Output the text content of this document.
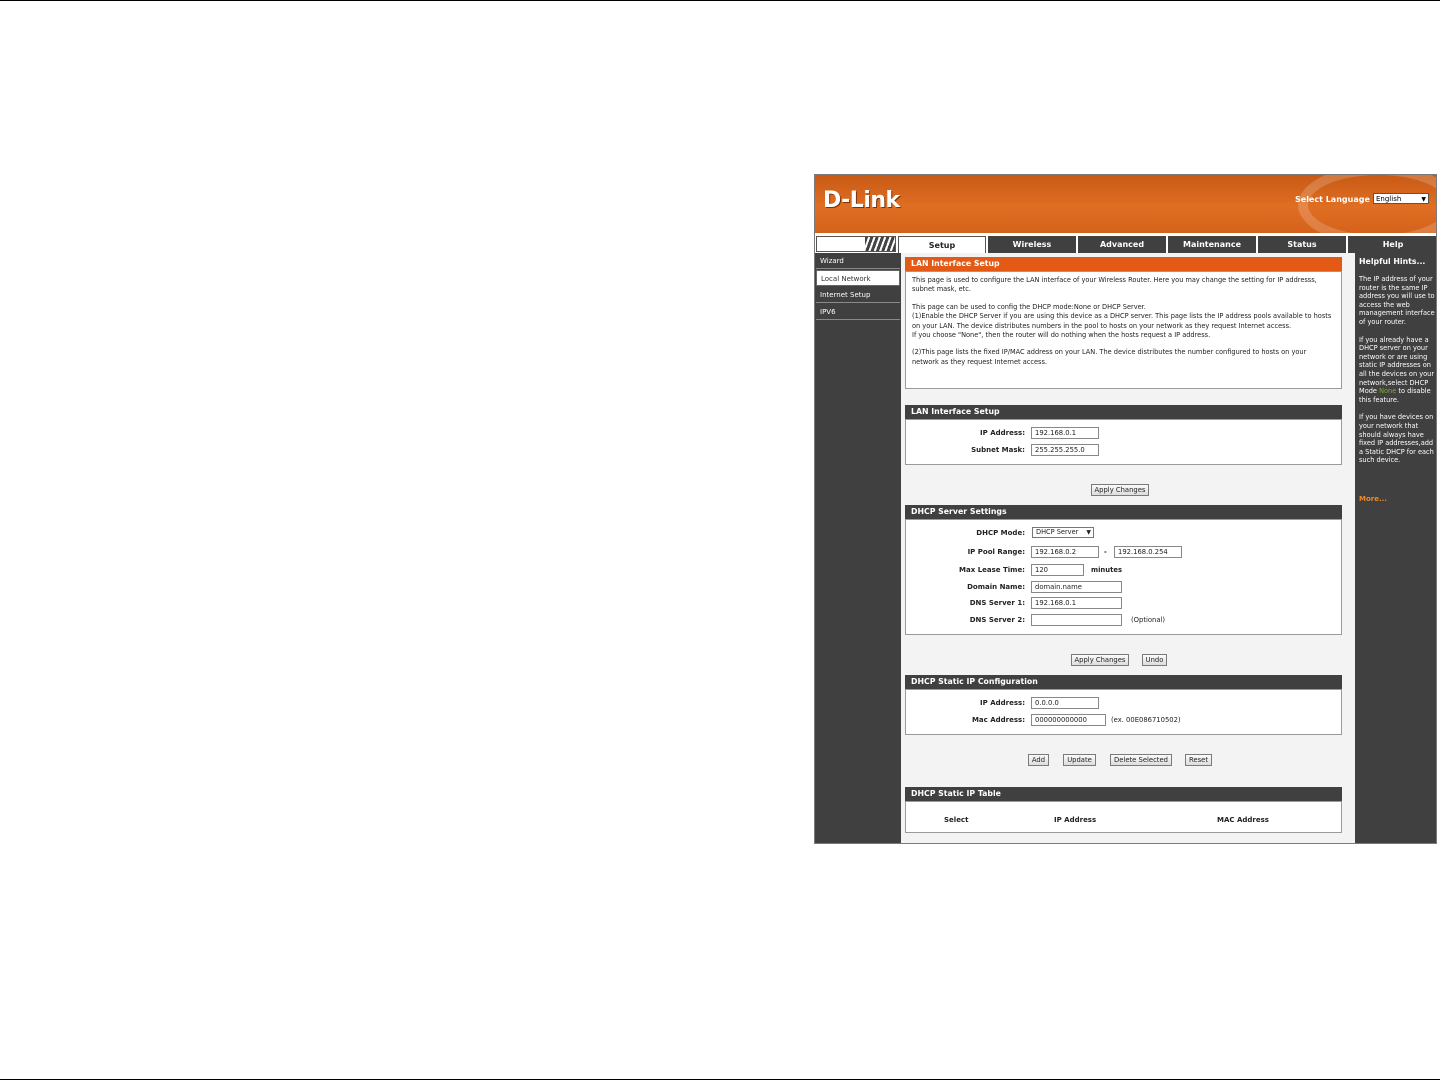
D-Link	Select Language English	▼
Setup	Wireless	Advanced	Maintenance	Status	Help
Wizard
Local Network
Internet Setup
IPV6
LAN Interface Setup

This page is used to configure the LAN interface of your Wireless Router. Here you may change the setting for IP addresss, subnet mask, etc.

This page can be used to config the DHCP mode:None or DHCP Server.
(1)Enable the DHCP Server if you are using this device as a DHCP server. This page lists the IP address pools available to hosts on your LAN. The device distributes numbers in the pool to hosts on your network as they request Internet access.
If you choose "None", then the router will do nothing when the hosts request a IP address.

(2)This page lists the fixed IP/MAC address on your LAN. The device distributes the number configured to hosts on your network as they request Internet access.

LAN Interface Setup
IP Address:	192.168.0.1
Subnet Mask:	255.255.255.0
Apply Changes
DHCP Server Settings
DHCP Mode:	DHCP Server ▼
IP Pool Range:	192.168.0.2	-	192.168.0.254
Max Lease Time:	120	minutes
Domain Name:	domain.name
DNS Server 1:	192.168.0.1
DNS Server 2:	(Optional)
Apply Changes	Undo
DHCP Static IP Configuration
IP Address:	0.0.0.0
Mac Address:	000000000000	(ex. 00E086710502)
Add	Update	Delete Selected	Reset
DHCP Static IP Table
Select	IP Address	MAC Address
Helpful Hints...

The IP address of your router is the same IP address you will use to access the web management interface of your router.

If you already have a DHCP server on your network or are using static IP addresses on all the devices on your network,select DHCP Mode None to disable this feature.

If you have devices on your network that should always have fixed IP addresses,add a Static DHCP for each such device.

More...
